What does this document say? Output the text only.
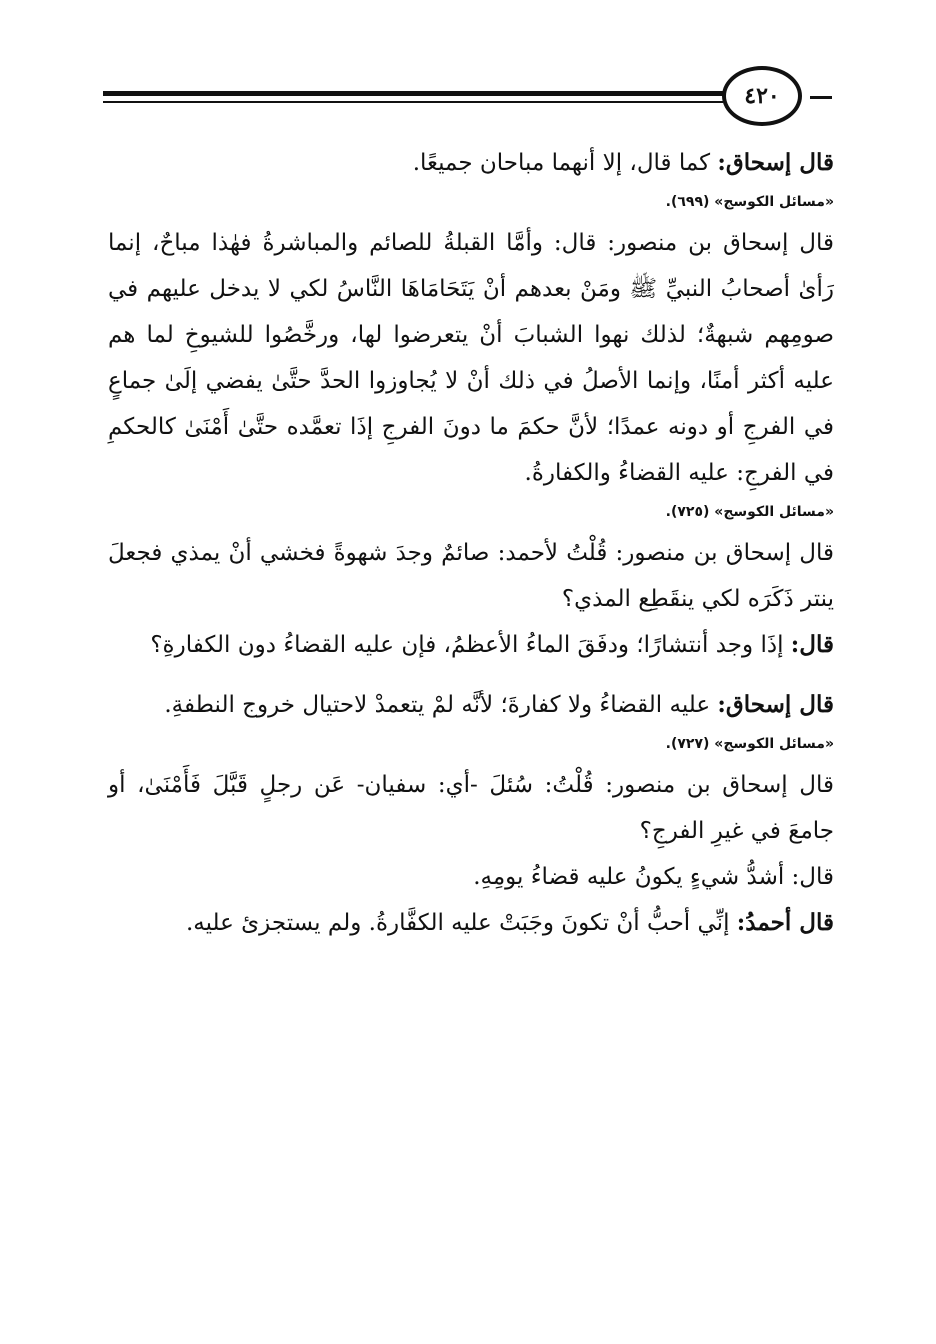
٤٢٠

قال إسحاق: كما قال، إلا أنهما مباحان جميعًا.

«مسائل الكوسج» (٦٩٩).

قال إسحاق بن منصور: قال: وأمَّا القبلةُ للصائم والمباشرةُ فهٰذا مباحٌ، إنما رَأىٰ أصحابُ النبيِّ ﷺ ومَنْ بعدهم أنْ يَتَحَامَاهَا النَّاسُ لكي لا يدخل عليهم في صومِهم شبهةٌ؛ لذلك نهوا الشبابَ أنْ يتعرضوا لها، ورخَّصُوا للشيوخِ لما هم عليه أكثر أمنًا، وإنما الأصلُ في ذلك أنْ لا يُجاوزوا الحدَّ حتَّىٰ يفضي إلَىٰ جماعٍ في الفرجِ أو دونه عمدًا؛ لأنَّ حكمَ ما دونَ الفرجِ إذَا تعمَّده حتَّىٰ أَمْنَىٰ كالحكمِ في الفرجِ: عليه القضاءُ والكفارةُ.

«مسائل الكوسج» (٧٢٥).

قال إسحاق بن منصور: قُلْتُ لأحمد: صائمٌ وجدَ شهوةً فخشي أنْ يمذي فجعلَ ينتر ذَكَرَه لكي ينقَطِع المذي؟

قال: إذَا وجد أنتشارًا؛ ودفَقَ الماءُ الأعظمُ، فإن عليه القضاءُ دون الكفارةِ؟

قال إسحاق: عليه القضاءُ ولا كفارةَ؛ لأنَّه لمْ يتعمدْ لاحتيال خروج النطفةِ.

«مسائل الكوسج» (٧٢٧).

قال إسحاق بن منصور: قُلْتُ: سُئلَ -أي: سفيان- عَن رجلٍ قَبَّلَ فَأَمْنَىٰ، أو جامعَ في غيرِ الفرجِ؟

قال: أشدُّ شيءٍ يكونُ عليه قضاءُ يومِهِ.

قال أحمدُ: إنِّي أحبُّ أنْ تكونَ وجَبَتْ عليه الكفَّارةُ. ولم يستجزئ عليه.
